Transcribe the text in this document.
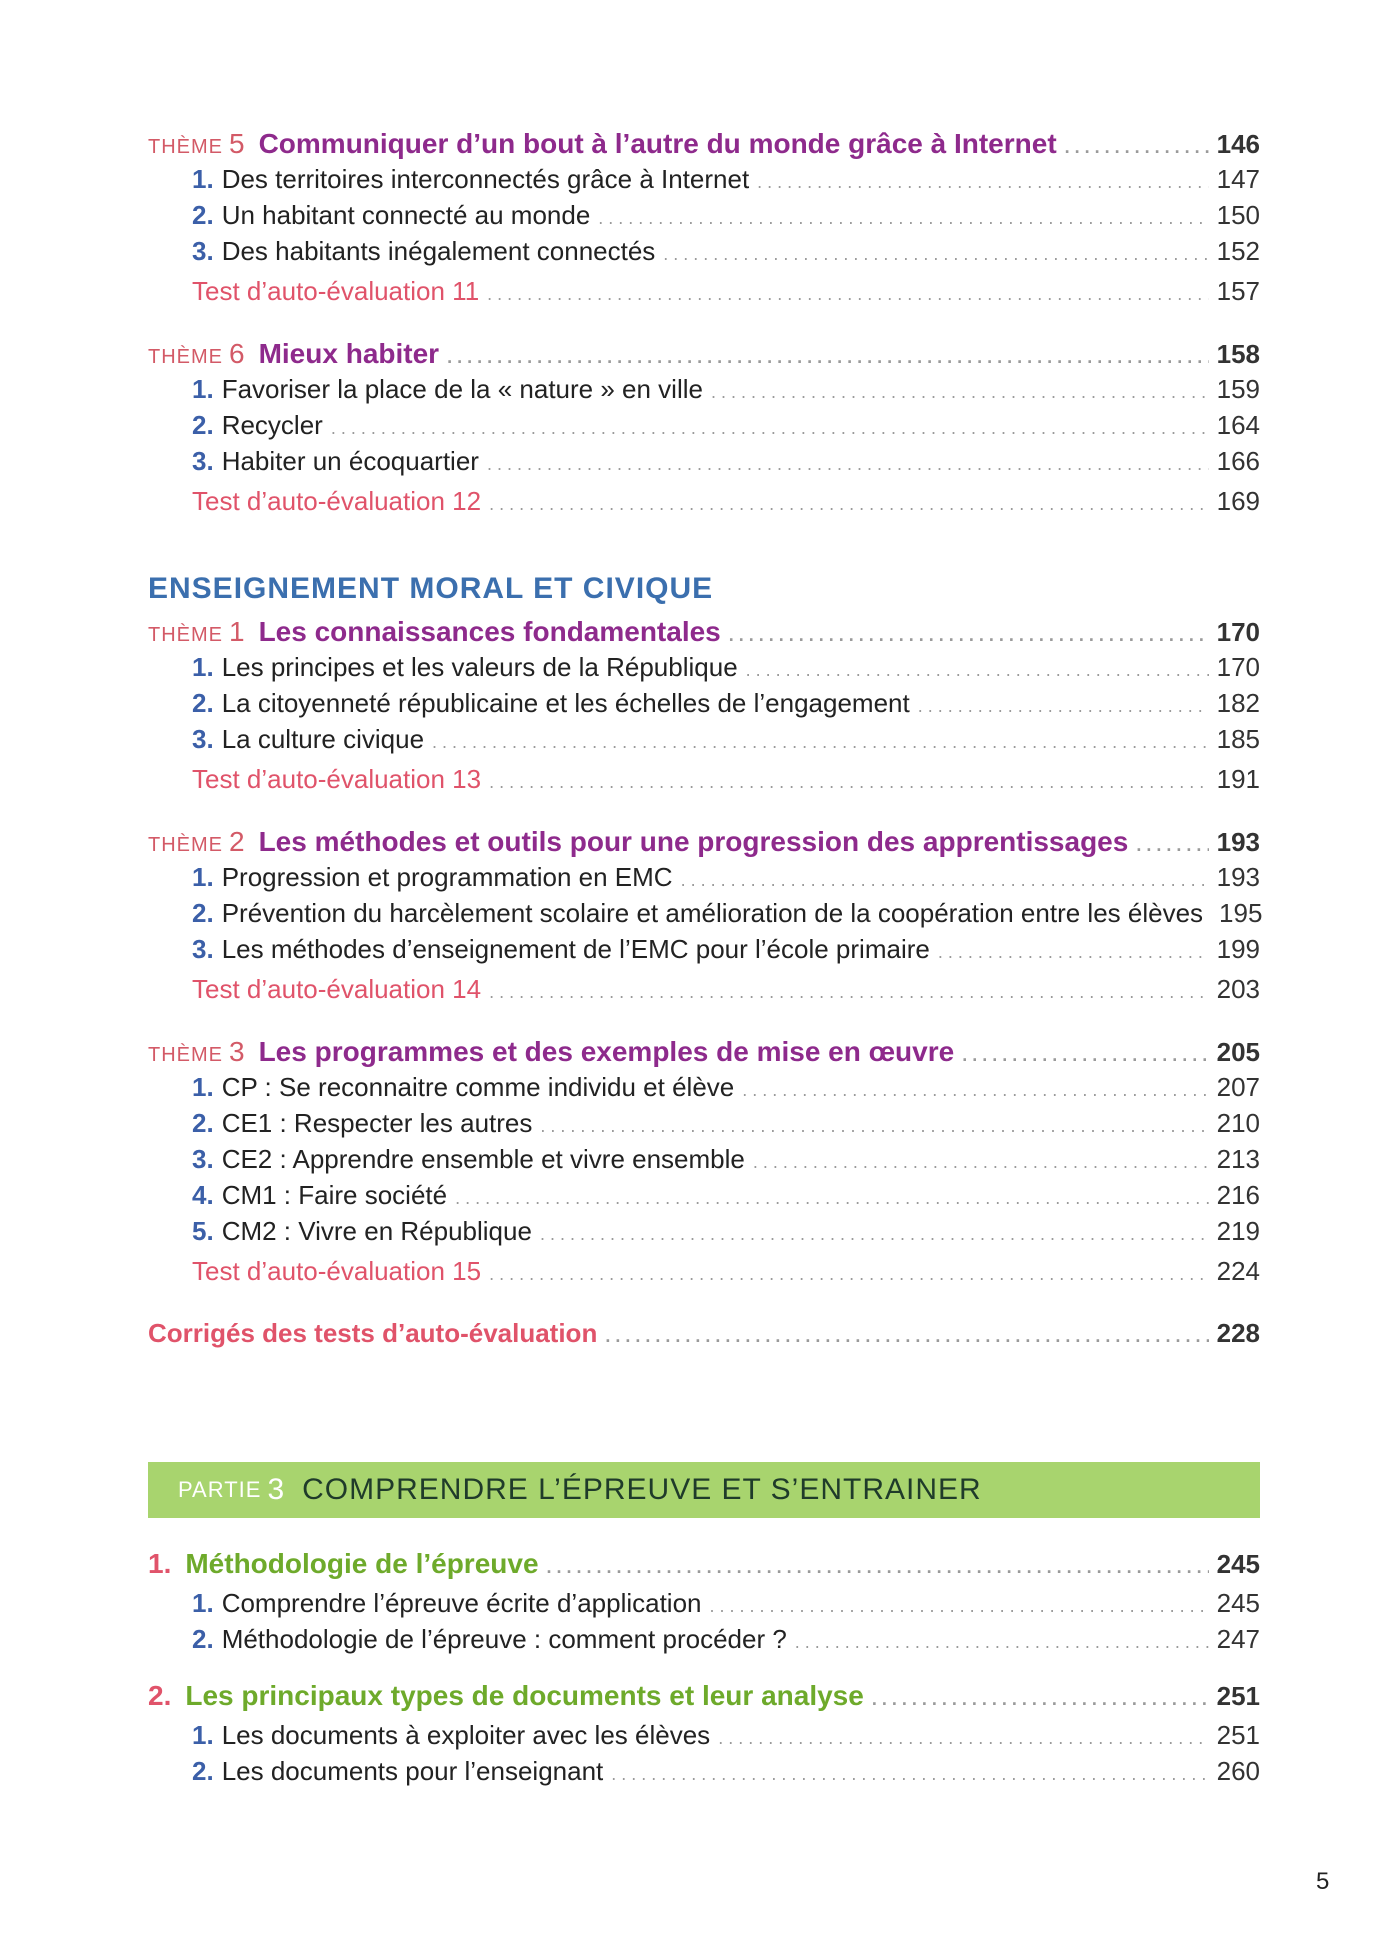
THÈME 5 Communiquer d’un bout à l’autre du monde grâce à Internet . . .	146
1. Des territoires interconnectés grâce à Internet . . .	147
2. Un habitant connecté au monde . . .	150
3. Des habitants inégalement connectés . . .	152
Test d’auto-évaluation 11 . . .	157
THÈME 6 Mieux habiter . . .	158
1. Favoriser la place de la « nature » en ville . . .	159
2. Recycler . . .	164
3. Habiter un écoquartier . . .	166
Test d’auto-évaluation 12 . . .	169
ENSEIGNEMENT MORAL ET CIVIQUE
THÈME 1 Les connaissances fondamentales . . .	170
1. Les principes et les valeurs de la République . . .	170
2. La citoyenneté républicaine et les échelles de l’engagement . . .	182
3. La culture civique . . .	185
Test d’auto-évaluation 13 . . .	191
THÈME 2 Les méthodes et outils pour une progression des apprentissages . . .	193
1. Progression et programmation en EMC . . .	193
2. Prévention du harcèlement scolaire et amélioration de la coopération entre les élèves 195
3. Les méthodes d’enseignement de l’EMC pour l’école primaire . . .	199
Test d’auto-évaluation 14 . . .	203
THÈME 3 Les programmes et des exemples de mise en œuvre . . .	205
1. CP : Se reconnaitre comme individu et élève . . .	207
2. CE1 : Respecter les autres . . .	210
3. CE2 : Apprendre ensemble et vivre ensemble . . .	213
4. CM1 : Faire société . . .	216
5. CM2 : Vivre en République . . .	219
Test d’auto-évaluation 15 . . .	224
Corrigés des tests d’auto-évaluation . . .	228
PARTIE 3 COMPRENDRE L’ÉPREUVE ET S’ENTRAINER
1. Méthodologie de l’épreuve . . .	245
1. Comprendre l’épreuve écrite d’application . . .	245
2. Méthodologie de l’épreuve : comment procéder ? . . .	247
2. Les principaux types de documents et leur analyse . . .	251
1. Les documents à exploiter avec les élèves . . .	251
2. Les documents pour l’enseignant . . .	260
5
